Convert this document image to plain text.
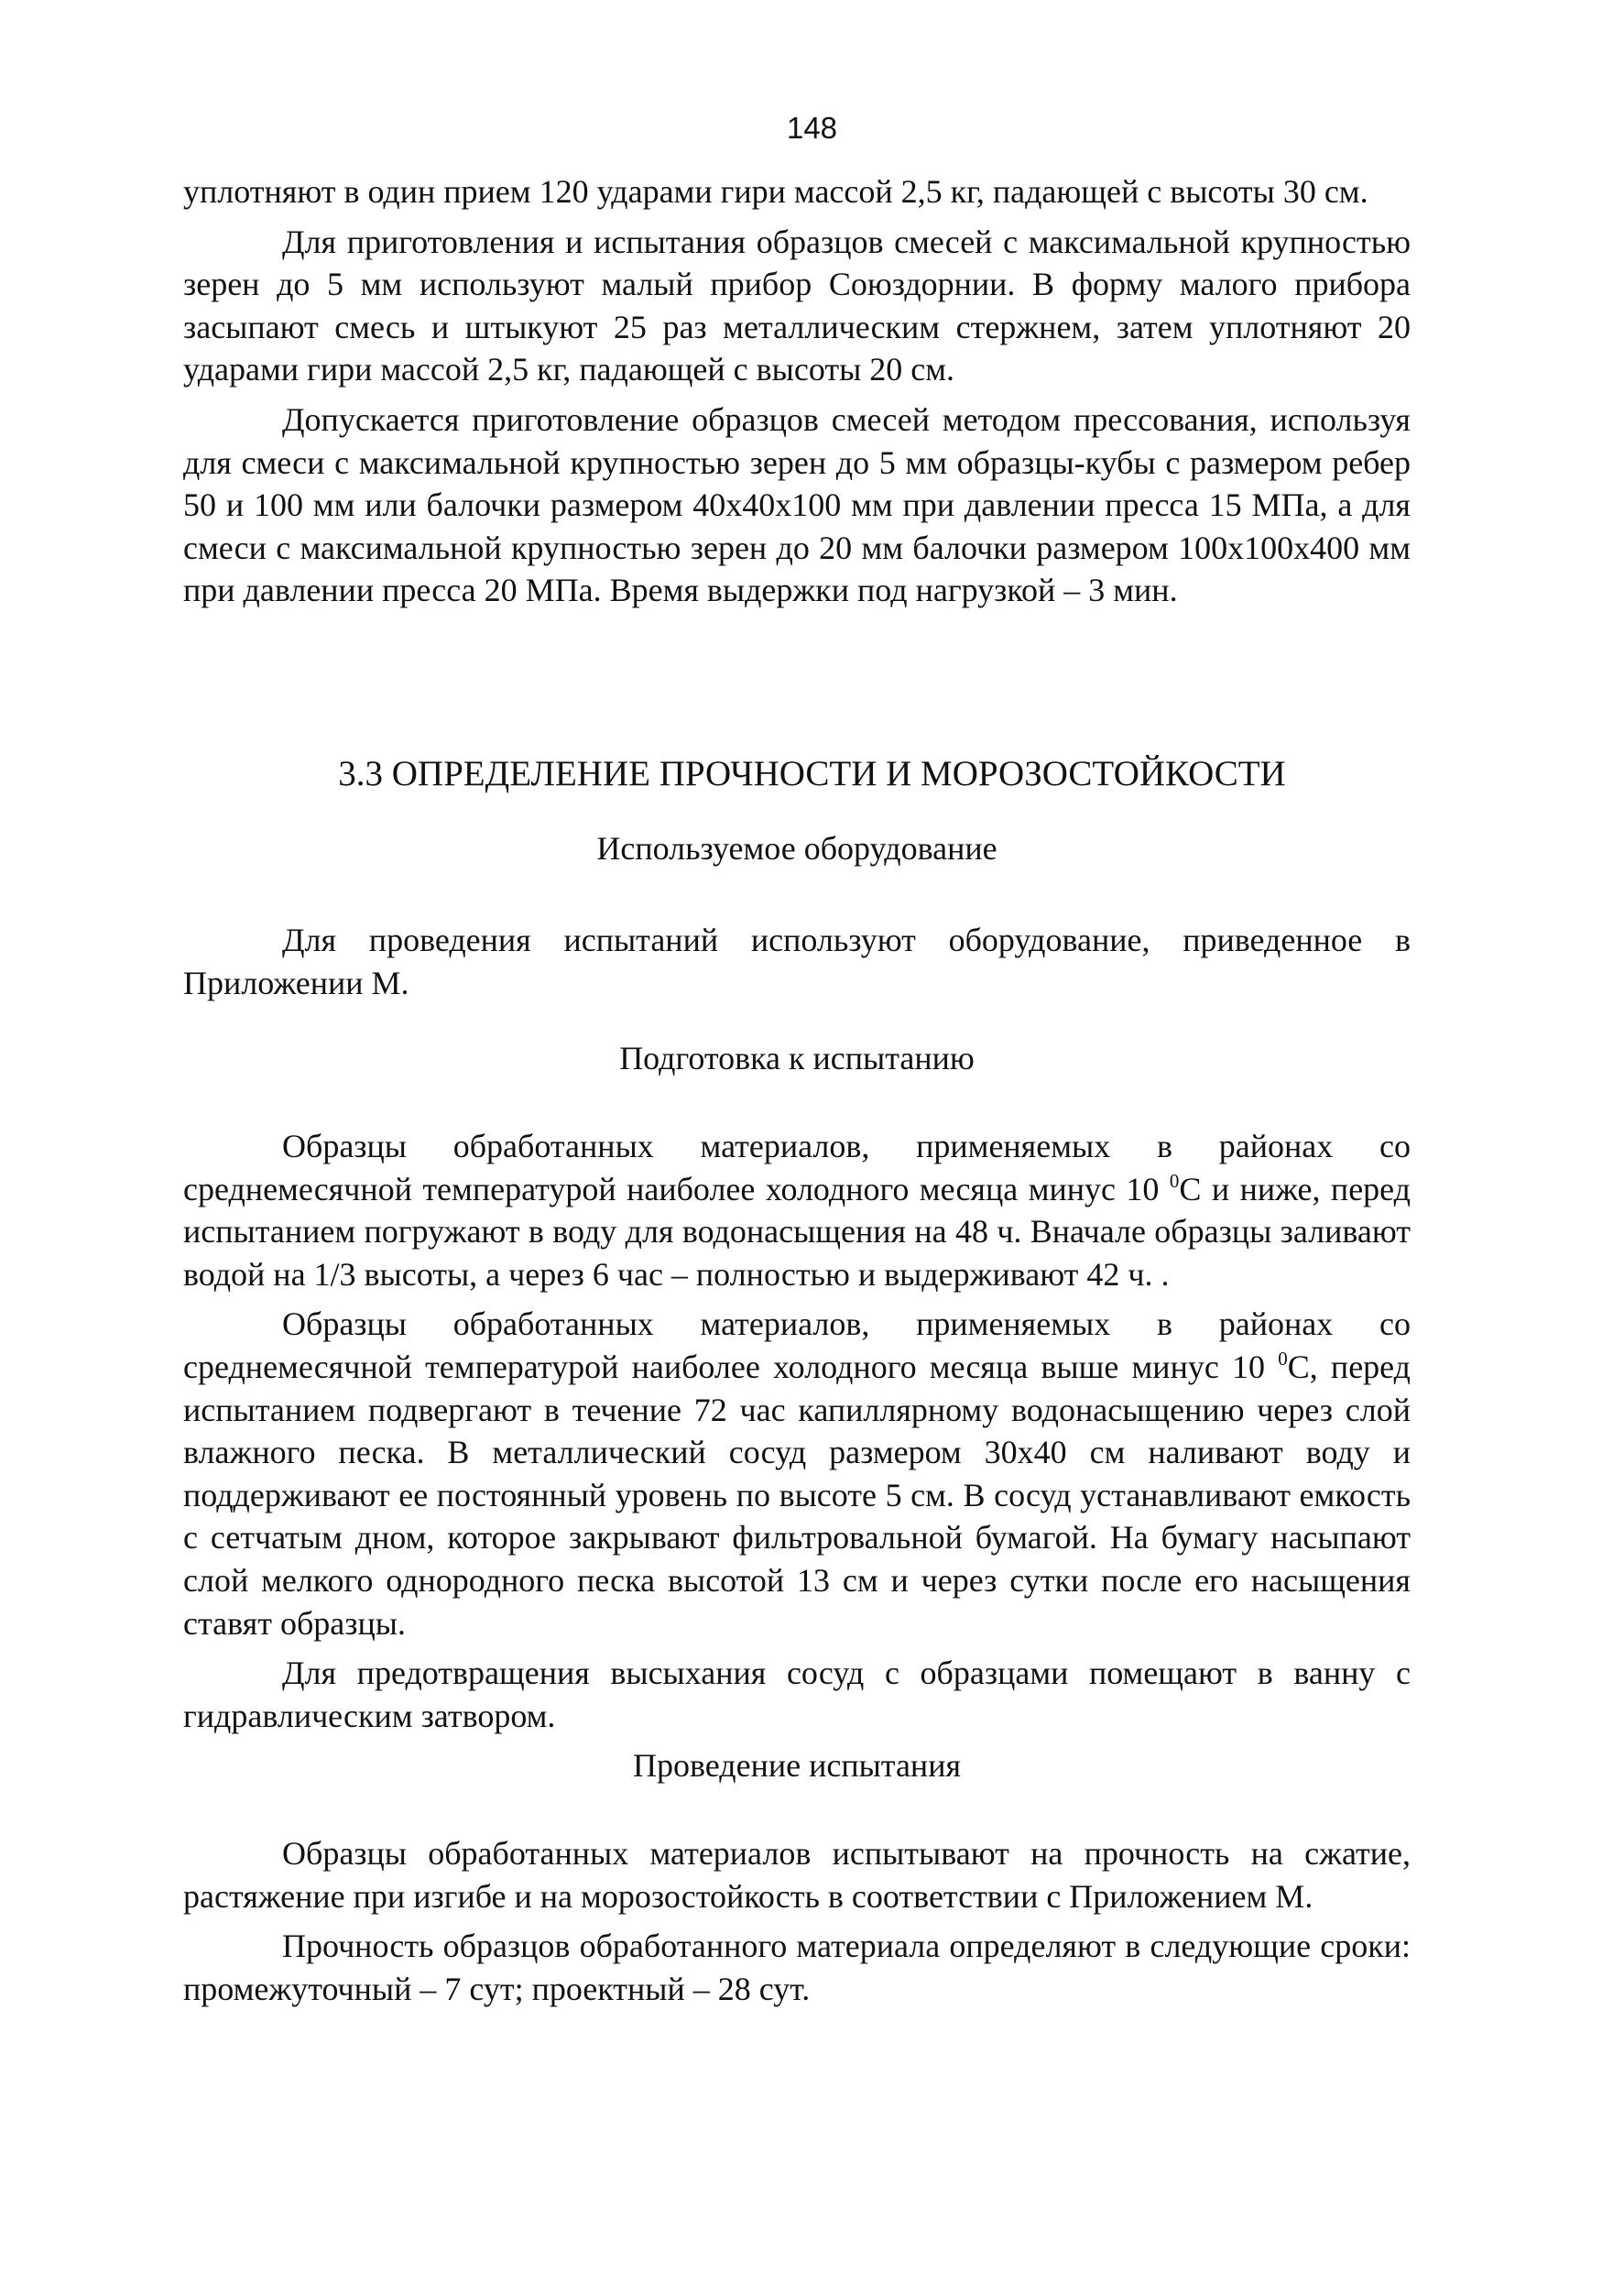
148

уплотняют в один прием 120 ударами гири массой 2,5 кг, падающей с высоты 30 см.

Для приготовления и испытания образцов смесей с максимальной крупностью зерен до 5 мм используют малый прибор Союздорнии. В форму малого прибора засыпают смесь и штыкуют 25 раз металлическим стержнем, затем уплотняют 20 ударами гири массой 2,5 кг, падающей с высоты 20 см.

Допускается приготовление образцов смесей методом прессования, используя для смеси с максимальной крупностью зерен до 5 мм образцы-кубы с размером ребер 50 и 100 мм или балочки размером 40х40х100 мм при давлении пресса 15 МПа, а для смеси с максимальной крупностью зерен до 20 мм балочки размером 100х100х400 мм при давлении пресса 20 МПа. Время выдержки под нагрузкой – 3 мин.

3.3 ОПРЕДЕЛЕНИЕ ПРОЧНОСТИ И МОРОЗОСТОЙКОСТИ
Используемое оборудование

Для проведения испытаний используют оборудование, приведенное в Приложении М.

Подготовка к испытанию

Образцы обработанных материалов, применяемых в районах со среднемесячной температурой наиболее холодного месяца минус 10 $^0$С и ниже, перед испытанием погружают в воду для водонасыщения на 48 ч. Вначале образцы заливают водой на 1/3 высоты, а через 6 час – полностью и выдерживают 42 ч. .

Образцы обработанных материалов, применяемых в районах со среднемесячной температурой наиболее холодного месяца выше минус 10 $^0$С, перед испытанием подвергают в течение 72 час капиллярному водонасыщению через слой влажного песка. В металлический сосуд размером 30х40 см наливают воду и поддерживают ее постоянный уровень по высоте 5 см. В сосуд устанавливают емкость с сетчатым дном, которое закрывают фильтровальной бумагой. На бумагу насыпают слой мелкого однородного песка высотой 13 см и через сутки после его насыщения ставят образцы.

Для предотвращения высыхания сосуд с образцами помещают в ванну с гидравлическим затвором.

Проведение испытания

Образцы обработанных материалов испытывают на прочность на сжатие, растяжение при изгибе и на морозостойкость в соответствии с Приложением М.

Прочность образцов обработанного материала определяют в следующие сроки: промежуточный – 7 сут; проектный – 28 сут.
